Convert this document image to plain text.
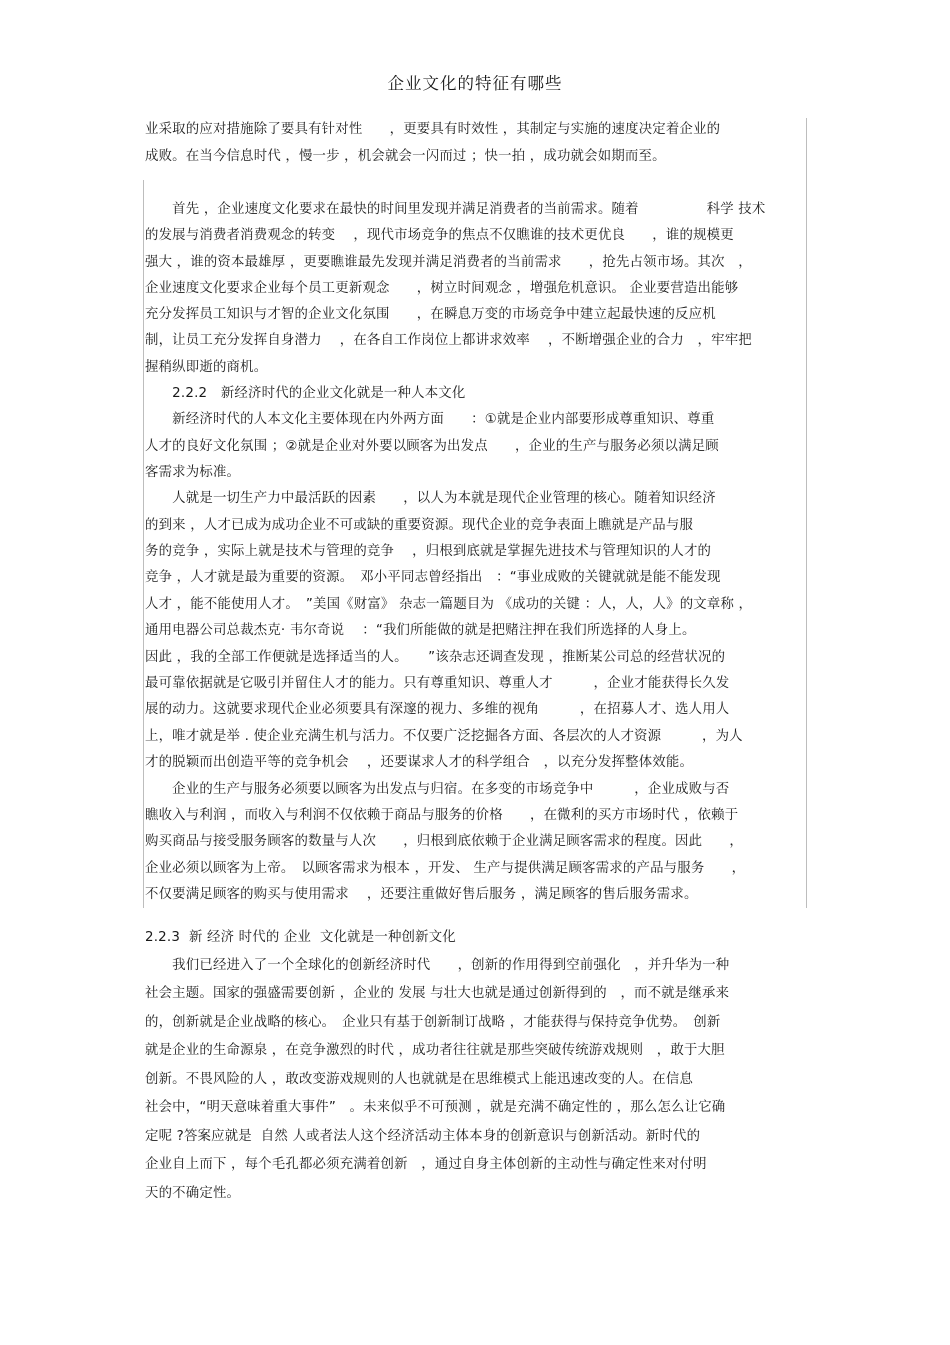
企业文化的特征有哪些
业采取的应对措施除了要具有针对性　　，更要具有时效性 ，其制定与实施的速度决定着企业的
成败。在当今信息时代 ，慢一步 ，机会就会一闪而过 ；快一拍 ，成功就会如期而至。
　　首先 ，企业速度文化要求在最快的时间里发现并满足消费者的当前需求。随着　　　　　科学 技术
的发展与消费者消费观念的转变　 ，现代市场竞争的焦点不仅瞧谁的技术更优良　　，谁的规模更
强大 ，谁的资本最雄厚 ，更要瞧谁最先发现并满足消费者的当前需求　　，抢先占领市场。其次　，
企业速度文化要求企业每个员工更新观念　　，树立时间观念 ，增强危机意识。 企业要营造出能够
充分发挥员工知识与才智的企业文化氛围　　，在瞬息万变的市场竞争中建立起最快速的反应机
制，让员工充分发挥自身潜力　 ，在各自工作岗位上都讲求效率　 ，不断增强企业的合力　，牢牢把
握稍纵即逝的商机。
　　2.2.2　新经济时代的企业文化就是一种人本文化
　　新经济时代的人本文化主要体现在内外两方面　　：①就是企业内部要形成尊重知识、尊重
人才的良好文化氛围 ；②就是企业对外要以顾客为出发点　　，企业的生产与服务必须以满足顾
客需求为标准。
　　人就是一切生产力中最活跃的因素　　，以人为本就是现代企业管理的核心。随着知识经济
的到来 ，人才已成为成功企业不可或缺的重要资源。现代企业的竞争表面上瞧就是产品与服
务的竞争 ，实际上就是技术与管理的竞争　 ，归根到底就是掌握先进技术与管理知识的人才的
竞争 ，人才就是最为重要的资源。　邓小平同志曾经指出　：“事业成败的关键就就是能不能发现
人才 ，能不能使用人才。　”美国《财富》 杂志一篇题目为 《成功的关键 ：人，人，人》的文章称 ，
通用电器公司总裁杰克· 韦尔奇说　 ：“我们所能做的就是把赌注押在我们所选择的人身上。
因此 ，我的全部工作便就是选择适当的人。　　”该杂志还调查发现 ，推断某公司总的经营状况的
最可靠依据就是它吸引并留住人才的能力。只有尊重知识、尊重人才　　　，企业才能获得长久发
展的动力。这就要求现代企业必须要具有深邃的视力、多维的视角　　　，在招募人才、选人用人
上，唯才就是举 . 使企业充满生机与活力。不仅要广泛挖掘各方面、各层次的人才资源　　　，为人
才的脱颖而出创造平等的竞争机会　 ，还要谋求人才的科学组合　，以充分发挥整体效能。
　　企业的生产与服务必须要以顾客为出发点与归宿。在多变的市场竞争中　　　，企业成败与否
瞧收入与利润 ，而收入与利润不仅依赖于商品与服务的价格　　，在微利的买方市场时代 ，依赖于
购买商品与接受服务顾客的数量与人次　　，归根到底依赖于企业满足顾客需求的程度。因此　　，
企业必须以顾客为上帝。　以顾客需求为根本 ，开发、 生产与提供满足顾客需求的产品与服务　　，
不仅要满足顾客的购买与使用需求　 ，还要注重做好售后服务 ，满足顾客的售后服务需求。
2.2.3  新 经济 时代的 企业  文化就是一种创新文化
　　我们已经进入了一个全球化的创新经济时代　　，创新的作用得到空前强化　，并升华为一种
社会主题。国家的强盛需要创新 ，企业的 发展 与壮大也就是通过创新得到的　，而不就是继承来
的，创新就是企业战略的核心。　企业只有基于创新制订战略 ，才能获得与保持竞争优势。　创新
就是企业的生命源泉 ，在竞争激烈的时代 ，成功者往往就是那些突破传统游戏规则　，敢于大胆
创新。不畏风险的人 ，敢改变游戏规则的人也就就是在思维模式上能迅速改变的人。在信息
社会中，“明天意味着重大事件”　。未来似乎不可预测 ，就是充满不确定性的 ，那么怎么让它确
定呢 ?答案应就是  自然 人或者法人这个经济活动主体本身的创新意识与创新活动。新时代的
企业自上而下 ，每个毛孔都必须充满着创新　，通过自身主体创新的主动性与确定性来对付明
天的不确定性。
